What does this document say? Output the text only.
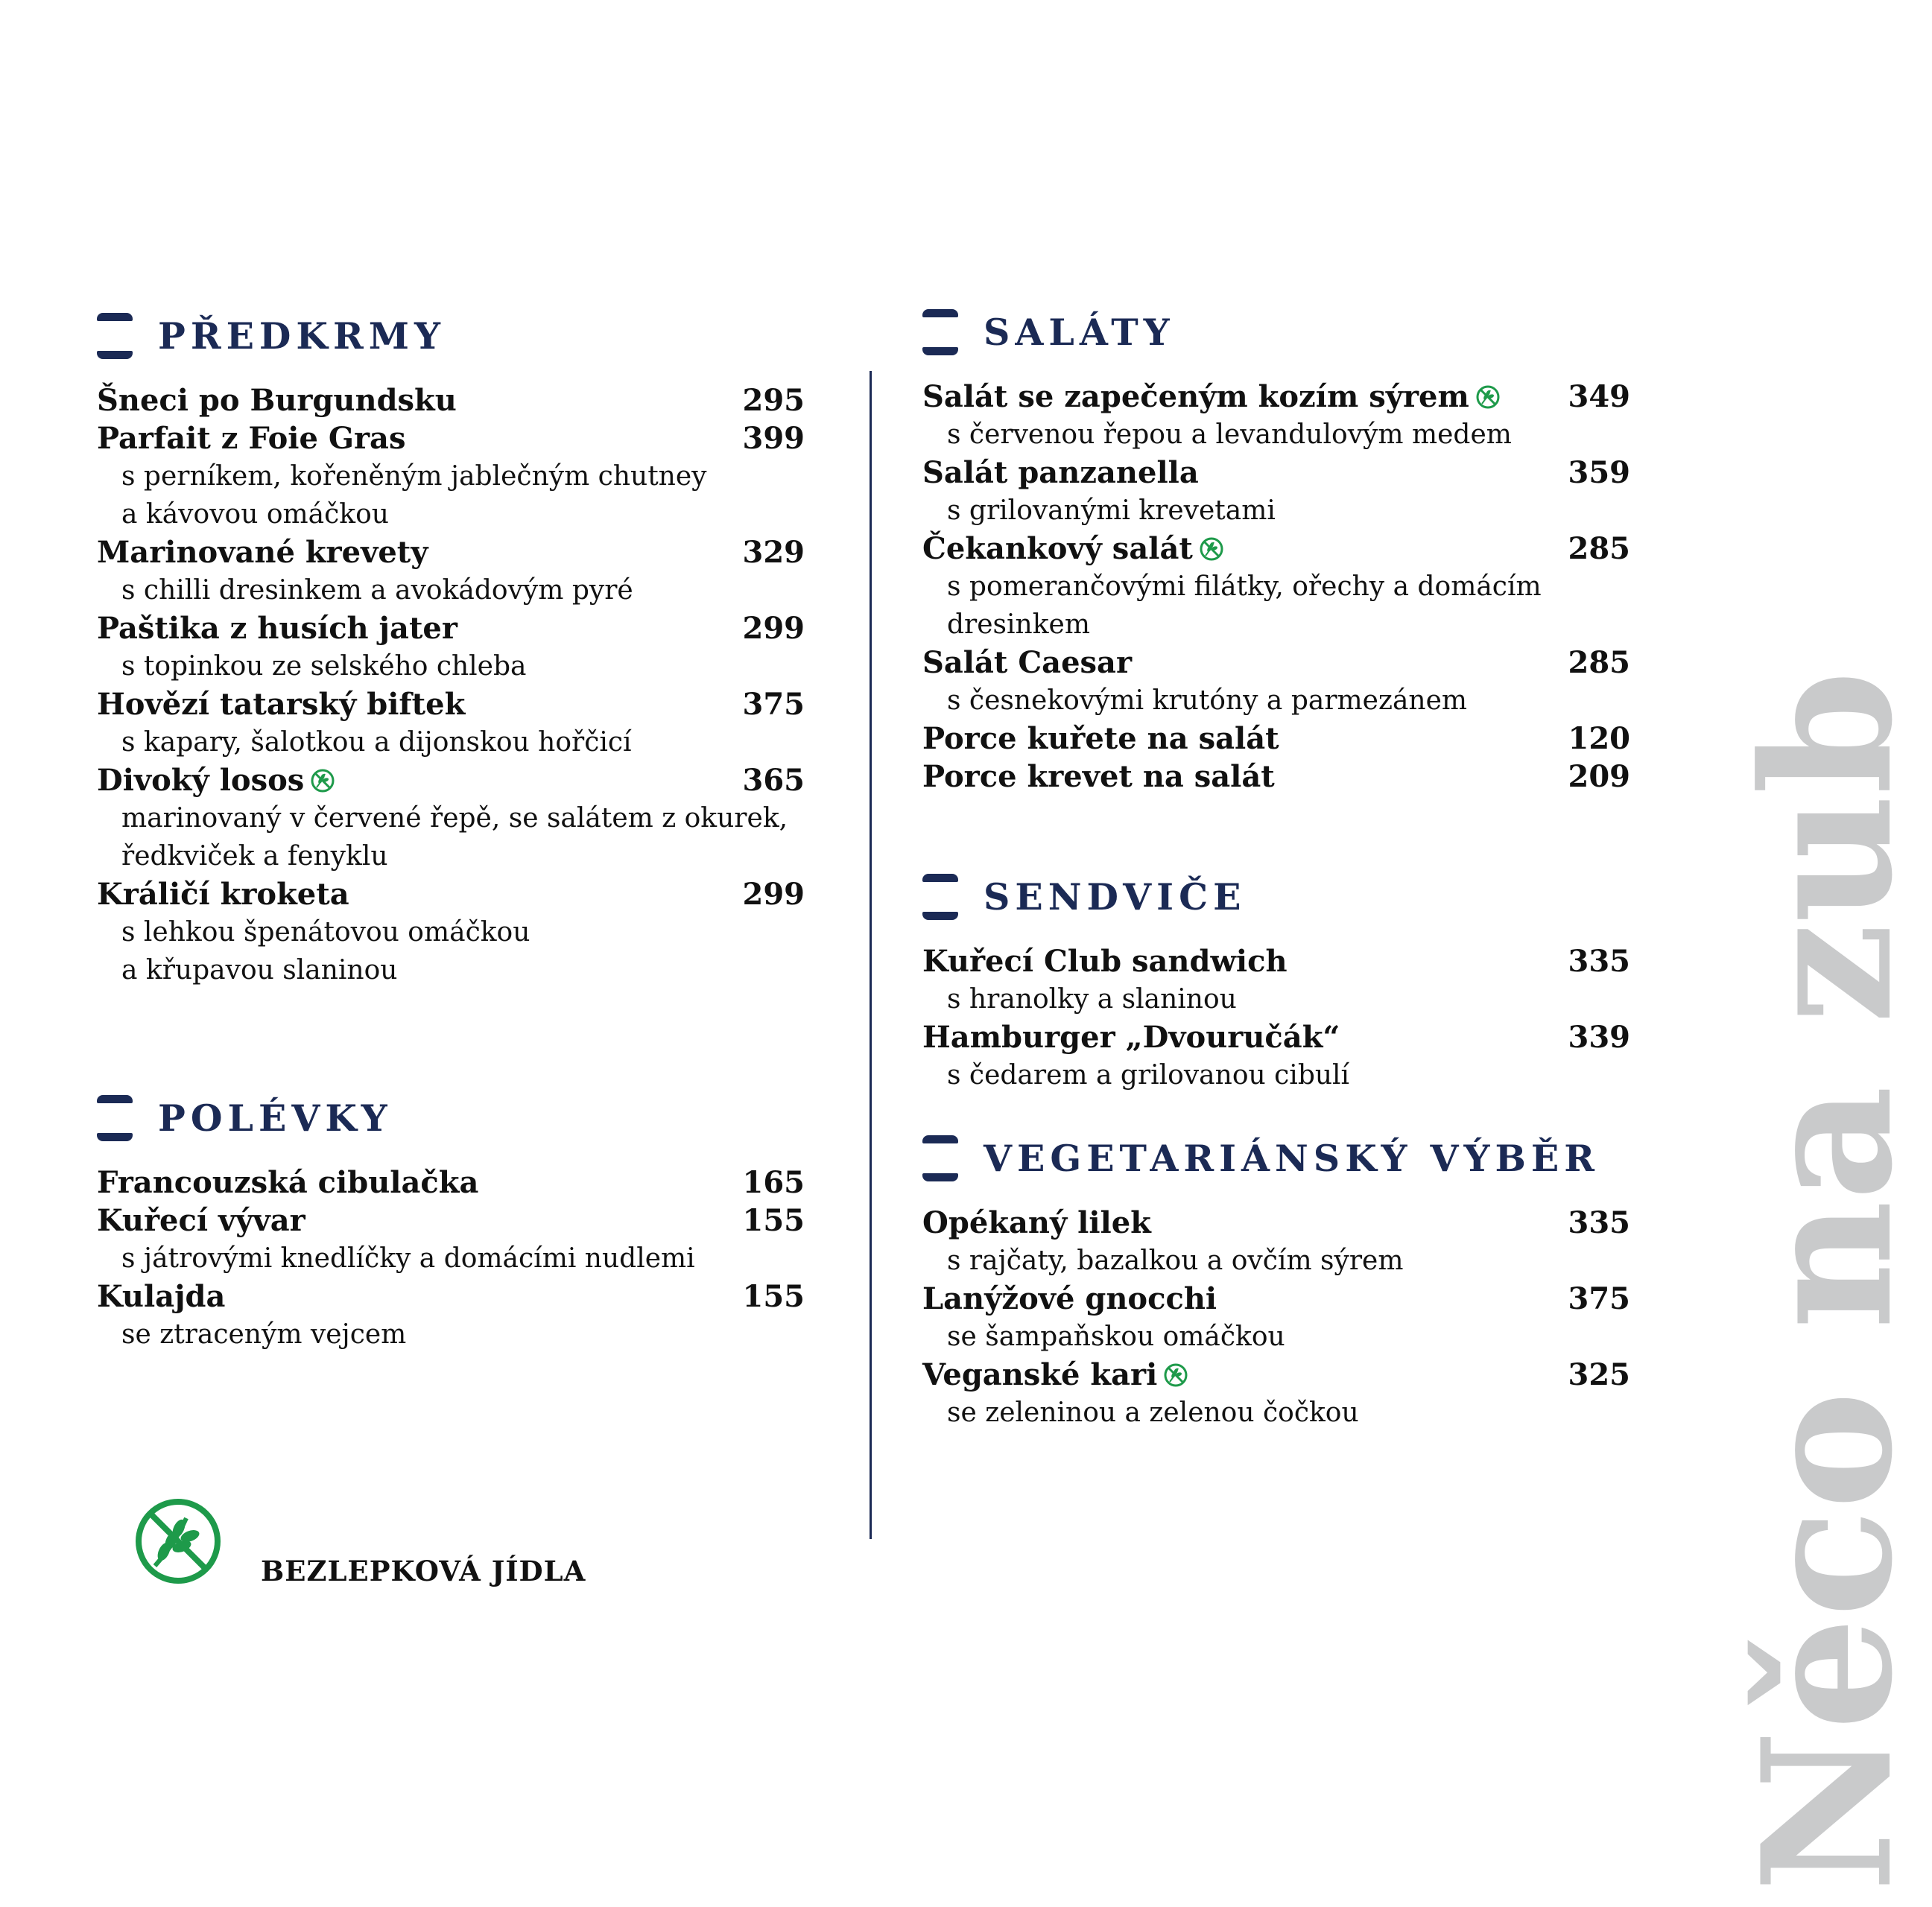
PŘEDKRMY
Šneci po Burgundsku	295
Parfait z Foie Gras	399
s perníkem, kořeněným jablečným chutney
a kávovou omáčkou
Marinované krevety	329
s chilli dresinkem a avokádovým pyré
Paštika z husích jater	299
s topinkou ze selského chleba
Hovězí tatarský biftek	375
s kapary, šalotkou a dijonskou hořčicí
Divoký losos	365
marinovaný v červené řepě, se salátem z okurek,
ředkviček a fenyklu
Králičí kroketa	299
s lehkou špenátovou omáčkou
a křupavou slaninou
POLÉVKY
Francouzská cibulačka	165
Kuřecí vývar	155
s játrovými knedlíčky a domácími nudlemi
Kulajda	155
se ztraceným vejcem
SALÁTY
Salát se zapečeným kozím sýrem	349
s červenou řepou a levandulovým medem
Salát panzanella	359
s grilovanými krevetami
Čekankový salát	285
s pomerančovými filátky, ořechy a domácím
dresinkem
Salát Caesar	285
s česnekovými krutóny a parmezánem
Porce kuřete na salát	120
Porce krevet na salát	209
SENDVIČE
Kuřecí Club sandwich	335
s hranolky a slaninou
Hamburger „Dvouručák“	339
s čedarem a grilovanou cibulí
VEGETARIÁNSKÝ VÝBĚR
Opékaný lilek	335
s rajčaty, bazalkou a ovčím sýrem
Lanýžové gnocchi	375
se šampaňskou omáčkou
Veganské kari	325
se zeleninou a zelenou čočkou
BEZLEPKOVÁ JÍDLA	Něco na zub
